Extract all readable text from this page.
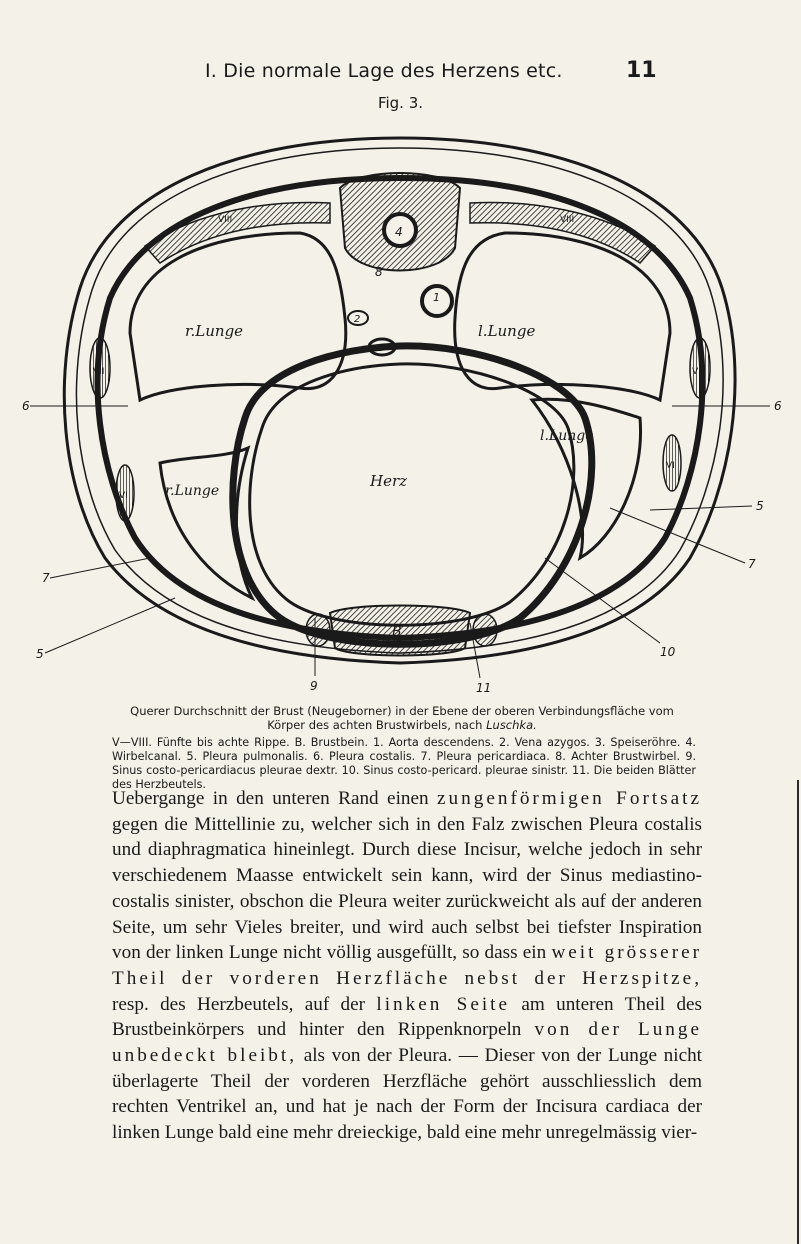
I. Die normale Lage des Herzens etc.	11
Fig. 3.
r.Lunge	l.Lunge
l.Lunge
r.Lunge
Herz
4
1
2
3
8
B
6	6
5
7
7
5	10
9	11
VIII	VIII
VII	VII
VI
VI
V
Querer Durchschnitt der Brust (Neugeborner) in der Ebene der oberen Verbindungsfläche vom Körper des achten Brustwirbels, nach Luschka.
V—VIII. Fünfte bis achte Rippe. B. Brustbein. 1. Aorta descendens. 2. Vena azygos. 3. Speiseröhre. 4. Wirbelcanal. 5. Pleura pulmonalis. 6. Pleura costalis. 7. Pleura pericardiaca. 8. Achter Brustwirbel. 9. Sinus costo-pericardiacus pleurae dextr. 10. Sinus costo-pericard. pleurae sinistr. 11. Die beiden Blätter des Herzbeutels.

Uebergange in den unteren Rand einen zungenförmigen Fortsatz gegen die Mittellinie zu, welcher sich in den Falz zwischen Pleura costalis und diaphragmatica hineinlegt. Durch diese Incisur, welche jedoch in sehr verschiedenem Maasse entwickelt sein kann, wird der Sinus mediastino-costalis sinister, obschon die Pleura weiter zurückweicht als auf der anderen Seite, um sehr Vieles breiter, und wird auch selbst bei tiefster Inspiration von der linken Lunge nicht völlig ausgefüllt, so dass ein weit grösserer Theil der vorderen Herzfläche nebst der Herzspitze, resp. des Herzbeutels, auf der linken Seite am unteren Theil des Brustbeinkörpers und hinter den Rippenknorpeln von der Lunge unbedeckt bleibt, als von der Pleura. — Dieser von der Lunge nicht überlagerte Theil der vorderen Herzfläche gehört ausschliesslich dem rechten Ventrikel an, und hat je nach der Form der Incisura cardiaca der linken Lunge bald eine mehr dreieckige, bald eine mehr unregelmässig vier-
